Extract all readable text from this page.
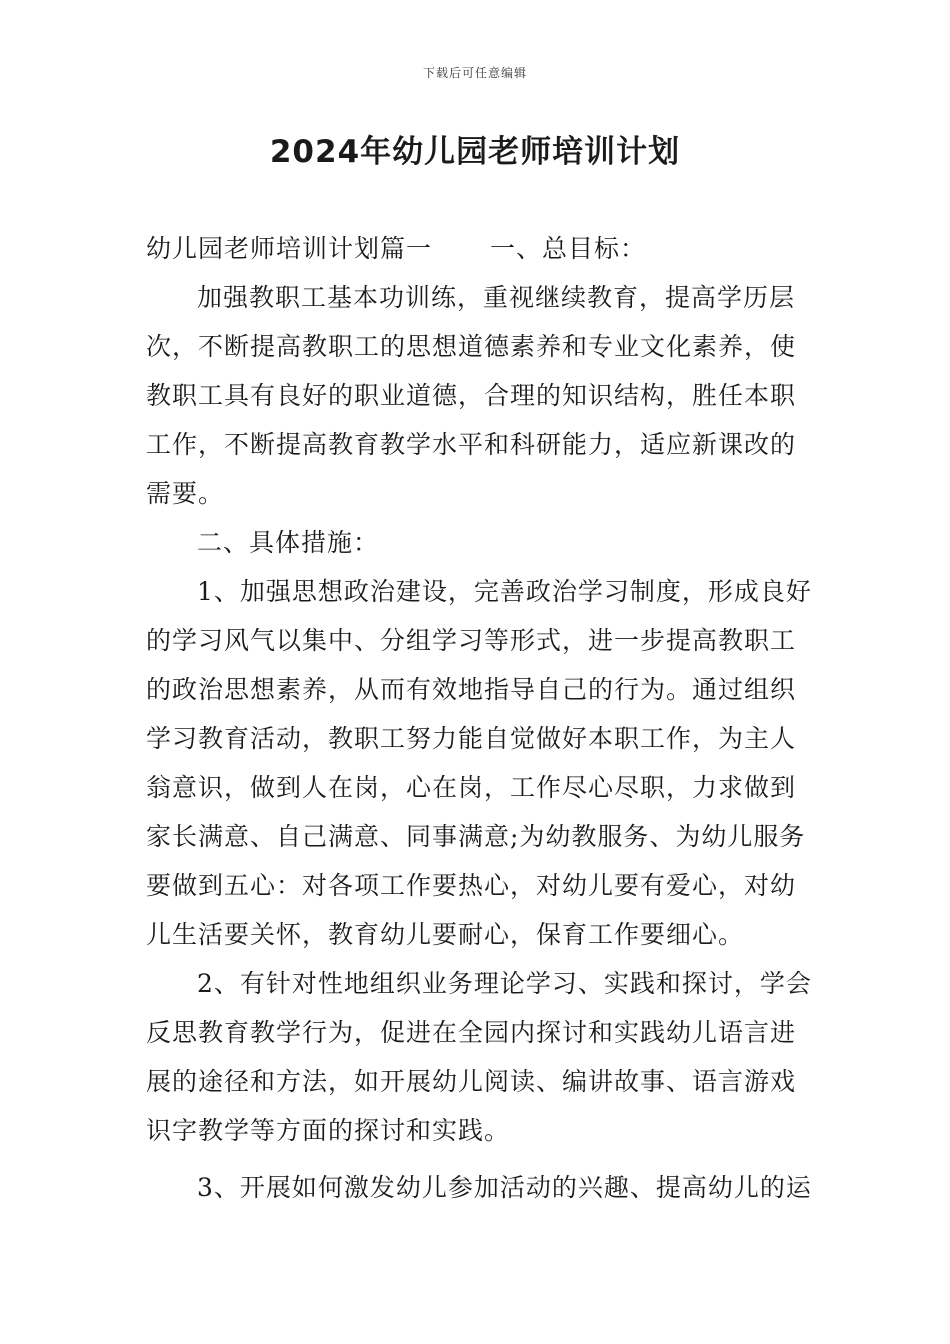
下载后可任意编辑
2024年幼儿园老师培训计划
幼儿园老师培训计划篇一 一、总目标：
加强教职工基本功训练，重视继续教育，提高学历层
次，不断提高教职工的思想道德素养和专业文化素养，使
教职工具有良好的职业道德，合理的知识结构，胜任本职
工作，不断提高教育教学水平和科研能力，适应新课改的
需要。
二、具体措施：
1、加强思想政治建设，完善政治学习制度，形成良好
的学习风气以集中、分组学习等形式，进一步提高教职工
的政治思想素养，从而有效地指导自己的行为。通过组织
学习教育活动，教职工努力能自觉做好本职工作，为主人
翁意识，做到人在岗，心在岗，工作尽心尽职，力求做到
家长满意、自己满意、同事满意;为幼教服务、为幼儿服务
要做到五心：对各项工作要热心，对幼儿要有爱心，对幼
儿生活要关怀，教育幼儿要耐心，保育工作要细心。
2、有针对性地组织业务理论学习、实践和探讨，学会
反思教育教学行为，促进在全园内探讨和实践幼儿语言进
展的途径和方法，如开展幼儿阅读、编讲故事、语言游戏
识字教学等方面的探讨和实践。
3、开展如何激发幼儿参加活动的兴趣、提高幼儿的运
